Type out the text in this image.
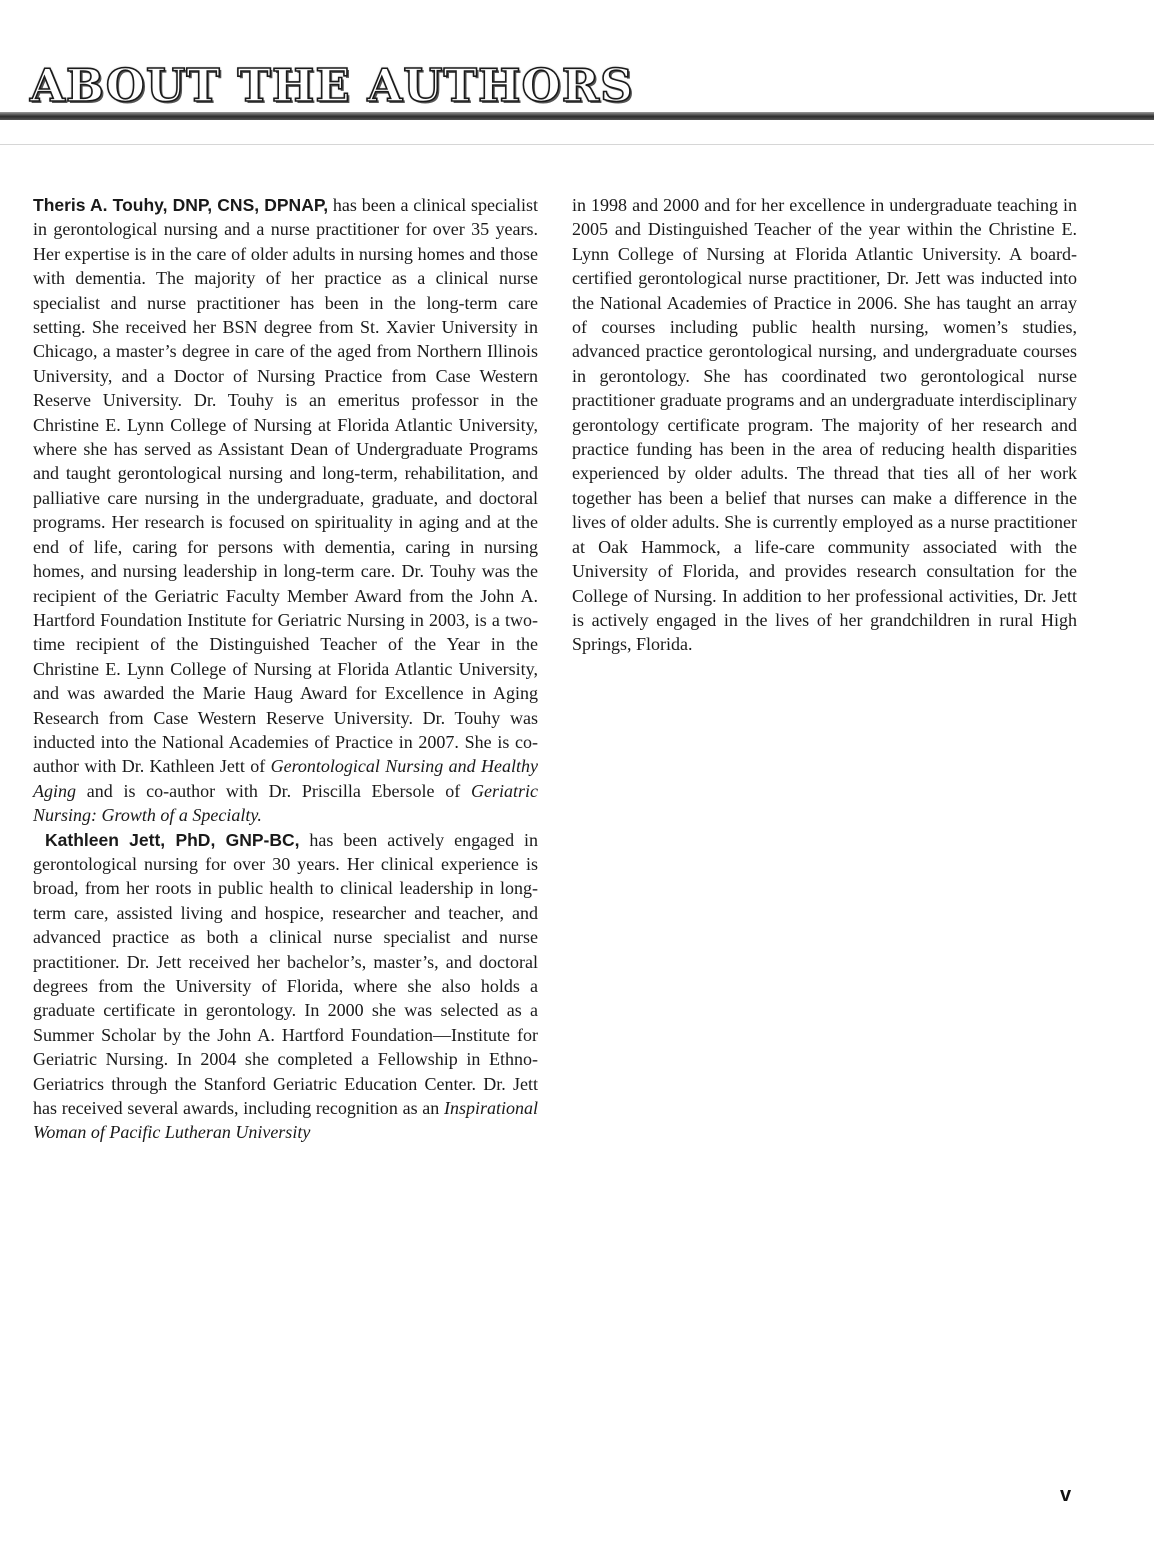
ABOUT THE AUTHORS

Theris A. Touhy, DNP, CNS, DPNAP, has been a clinical specialist in gerontological nursing and a nurse practitioner for over 35 years. Her expertise is in the care of older adults in nursing homes and those with dementia. The majority of her practice as a clinical nurse specialist and nurse practitioner has been in the long-term care setting. She received her BSN degree from St. Xavier University in Chicago, a master’s degree in care of the aged from Northern Illinois University, and a Doctor of Nursing Practice from Case Western Reserve University. Dr. Touhy is an emeritus professor in the Christine E. Lynn College of Nursing at Florida Atlantic University, where she has served as Assistant Dean of Undergraduate Programs and taught gerontological nursing and long-term, rehabilitation, and palliative care nursing in the undergraduate, graduate, and doctoral programs. Her research is focused on spirituality in aging and at the end of life, caring for persons with dementia, caring in nursing homes, and nursing leadership in long-term care. Dr. Touhy was the recipient of the Geriatric Faculty Member Award from the John A. Hartford Foundation Institute for Geriatric Nursing in 2003, is a two-time recipient of the Distinguished Teacher of the Year in the Christine E. Lynn College of Nursing at Florida Atlantic University, and was awarded the Marie Haug Award for Excellence in Aging Research from Case Western Reserve University. Dr. Touhy was inducted into the National Academies of Practice in 2007. She is co-author with Dr. Kathleen Jett of Gerontological Nursing and Healthy Aging and is co-author with Dr. Priscilla Ebersole of Geriatric Nursing: Growth of a Specialty.

Kathleen Jett, PhD, GNP-BC, has been actively engaged in gerontological nursing for over 30 years. Her clinical experience is broad, from her roots in public health to clinical leadership in long-term care, assisted living and hospice, researcher and teacher, and advanced practice as both a clinical nurse specialist and nurse practitioner. Dr. Jett received her bachelor’s, master’s, and doctoral degrees from the University of Florida, where she also holds a graduate certificate in gerontology. In 2000 she was selected as a Summer Scholar by the John A. Hartford Foundation—Institute for Geriatric Nursing. In 2004 she completed a Fellowship in Ethno-Geriatrics through the Stanford Geriatric Education Center. Dr. Jett has received several awards, including recognition as an Inspirational Woman of Pacific Lutheran University

in 1998 and 2000 and for her excellence in undergraduate teaching in 2005 and Distinguished Teacher of the year within the Christine E. Lynn College of Nursing at Florida Atlantic University. A board-certified gerontological nurse practitioner, Dr. Jett was inducted into the National Academies of Practice in 2006. She has taught an array of courses including public health nursing, women’s studies, advanced practice gerontological nursing, and undergraduate courses in gerontology. She has coordinated two gerontological nurse practitioner graduate programs and an undergraduate interdisciplinary gerontology certificate program. The majority of her research and practice funding has been in the area of reducing health disparities experienced by older adults. The thread that ties all of her work together has been a belief that nurses can make a difference in the lives of older adults. She is currently employed as a nurse practitioner at Oak Hammock, a life-care community associated with the University of Florida, and provides research consultation for the College of Nursing. In addition to her professional activities, Dr. Jett is actively engaged in the lives of her grandchildren in rural High Springs, Florida.

v
